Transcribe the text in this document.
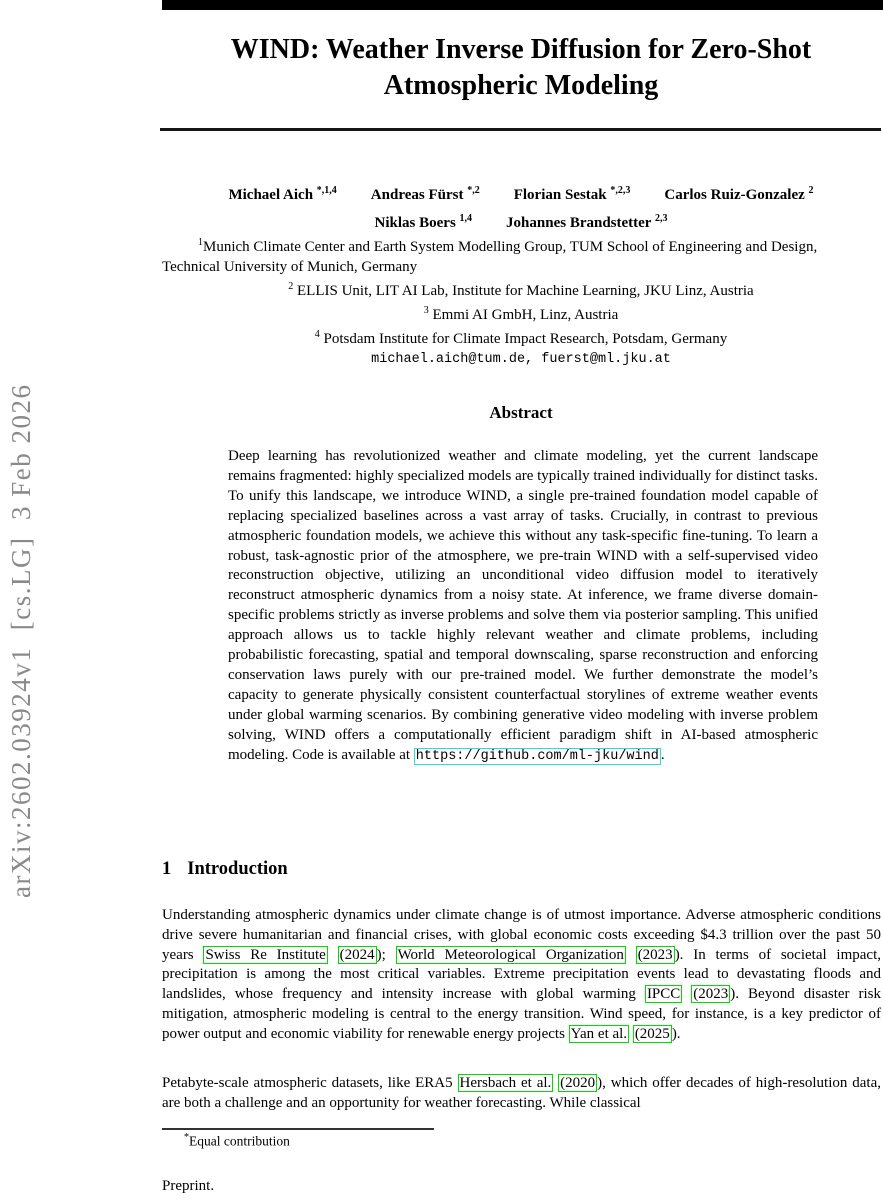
arXiv:2602.03924v1  [cs.LG]  3 Feb 2026
WIND: Weather Inverse Diffusion for Zero-Shot
Atmospheric Modeling
Michael Aich $^{*,1,4}$ Andreas Fürst $^{*,2}$ Florian Sestak $^{*,2,3}$ Carlos Ruiz-Gonzalez $^2$
Niklas Boers $^{1,4}$ Johannes Brandstetter $^{2,3}$
$^1$Munich Climate Center and Earth System Modelling Group, TUM School of Engineering and Design, Technical University of Munich, Germany
$^2$ ELLIS Unit, LIT AI Lab, Institute for Machine Learning, JKU Linz, Austria
$^3$ Emmi AI GmbH, Linz, Austria
$^4$ Potsdam Institute for Climate Impact Research, Potsdam, Germany
michael.aich@tum.de, fuerst@ml.jku.at
Abstract
Deep learning has revolutionized weather and climate modeling, yet the current landscape remains fragmented: highly specialized models are typically trained individually for distinct tasks. To unify this landscape, we introduce WIND, a single pre-trained foundation model capable of replacing specialized baselines across a vast array of tasks. Crucially, in contrast to previous atmospheric foundation models, we achieve this without any task-specific fine-tuning. To learn a robust, task-agnostic prior of the atmosphere, we pre-train WIND with a self-supervised video reconstruction objective, utilizing an unconditional video diffusion model to iteratively reconstruct atmospheric dynamics from a noisy state. At inference, we frame diverse domain-specific problems strictly as inverse problems and solve them via posterior sampling. This unified approach allows us to tackle highly relevant weather and climate problems, including probabilistic forecasting, spatial and temporal downscaling, sparse reconstruction and enforcing conservation laws purely with our pre-trained model. We further demonstrate the model’s capacity to generate physically consistent counterfactual storylines of extreme weather events under global warming scenarios. By combining generative video modeling with inverse problem solving, WIND offers a computationally efficient paradigm shift in AI-based atmospheric modeling. Code is available at https://github.com/ml-jku/wind .
1 Introduction
Understanding atmospheric dynamics under climate change is of utmost importance. Adverse atmospheric conditions drive severe humanitarian and financial crises, with global economic costs exceeding $4.3 trillion over the past 50 years Swiss Re Institute (2024 ); World Meteorological Organization (2023 ). In terms of societal impact, precipitation is among the most critical variables. Extreme precipitation events lead to devastating floods and landslides, whose frequency and intensity increase with global warming IPCC (2023 ). Beyond disaster risk mitigation, atmospheric modeling is central to the energy transition. Wind speed, for instance, is a key predictor of power output and economic viability for renewable energy projects Yan et al. (2025 ).
Petabyte-scale atmospheric datasets, like ERA5 Hersbach et al. (2020 ), which offer decades of high-resolution data, are both a challenge and an opportunity for weather forecasting. While classical
*Equal contribution
Preprint.
